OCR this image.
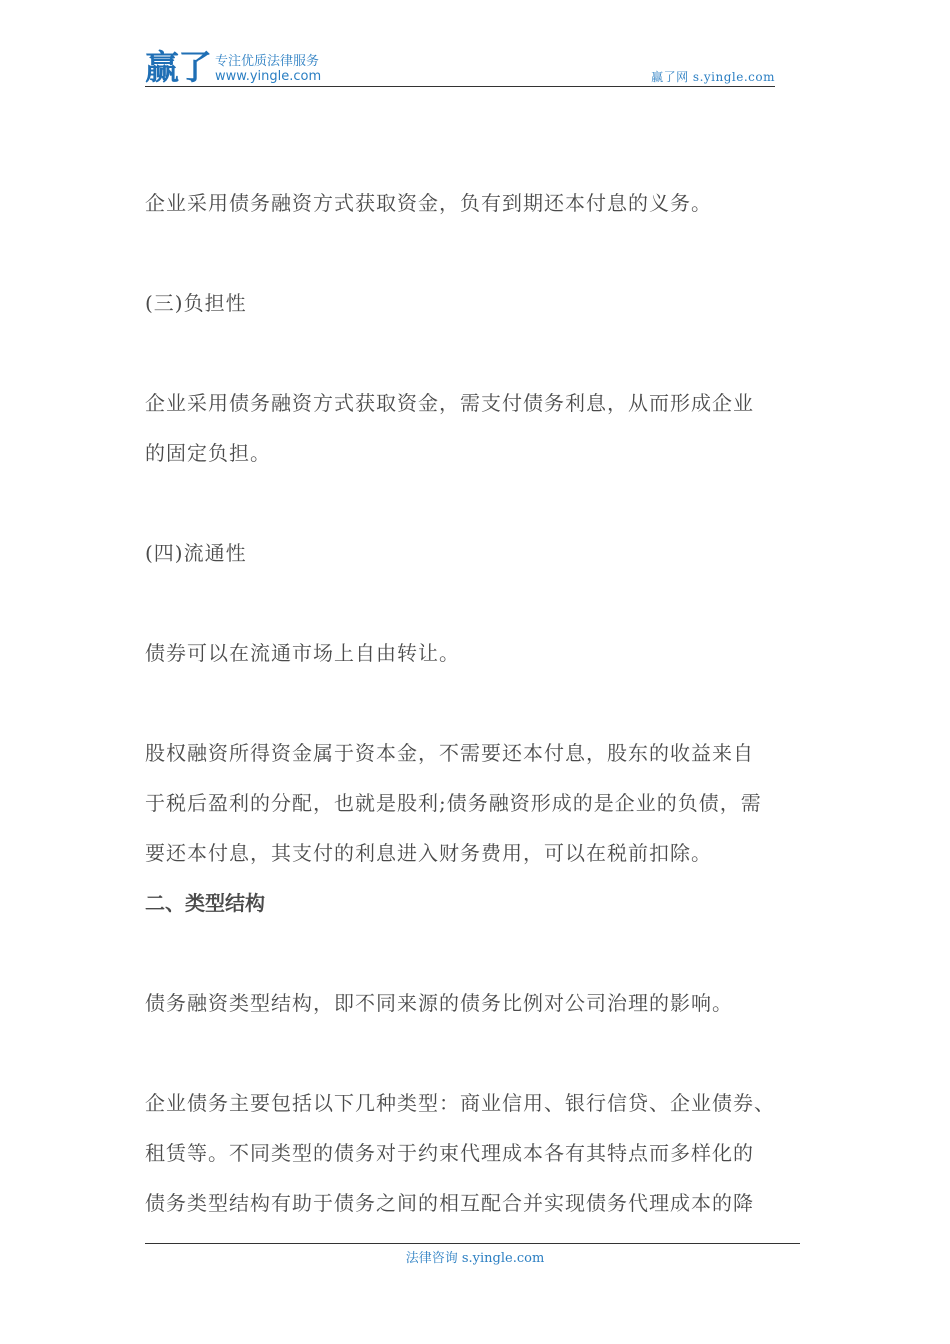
赢了 专注优质法律服务
www.yingle.com	赢了网 s.yingle.com

企业采用债务融资方式获取资金，负有到期还本付息的义务。

(三)负担性

企业采用债务融资方式获取资金，需支付债务利息，从而形成企业

的固定负担。

(四)流通性

债券可以在流通市场上自由转让。

股权融资所得资金属于资本金，不需要还本付息，股东的收益来自

于税后盈利的分配，也就是股利;债务融资形成的是企业的负债，需

要还本付息，其支付的利息进入财务费用，可以在税前扣除。

二、类型结构

债务融资类型结构，即不同来源的债务比例对公司治理的影响。

企业债务主要包括以下几种类型：商业信用、银行信贷、企业债券、

租赁等。不同类型的债务对于约束代理成本各有其特点而多样化的

债务类型结构有助于债务之间的相互配合并实现债务代理成本的降

法律咨询 s.yingle.com
